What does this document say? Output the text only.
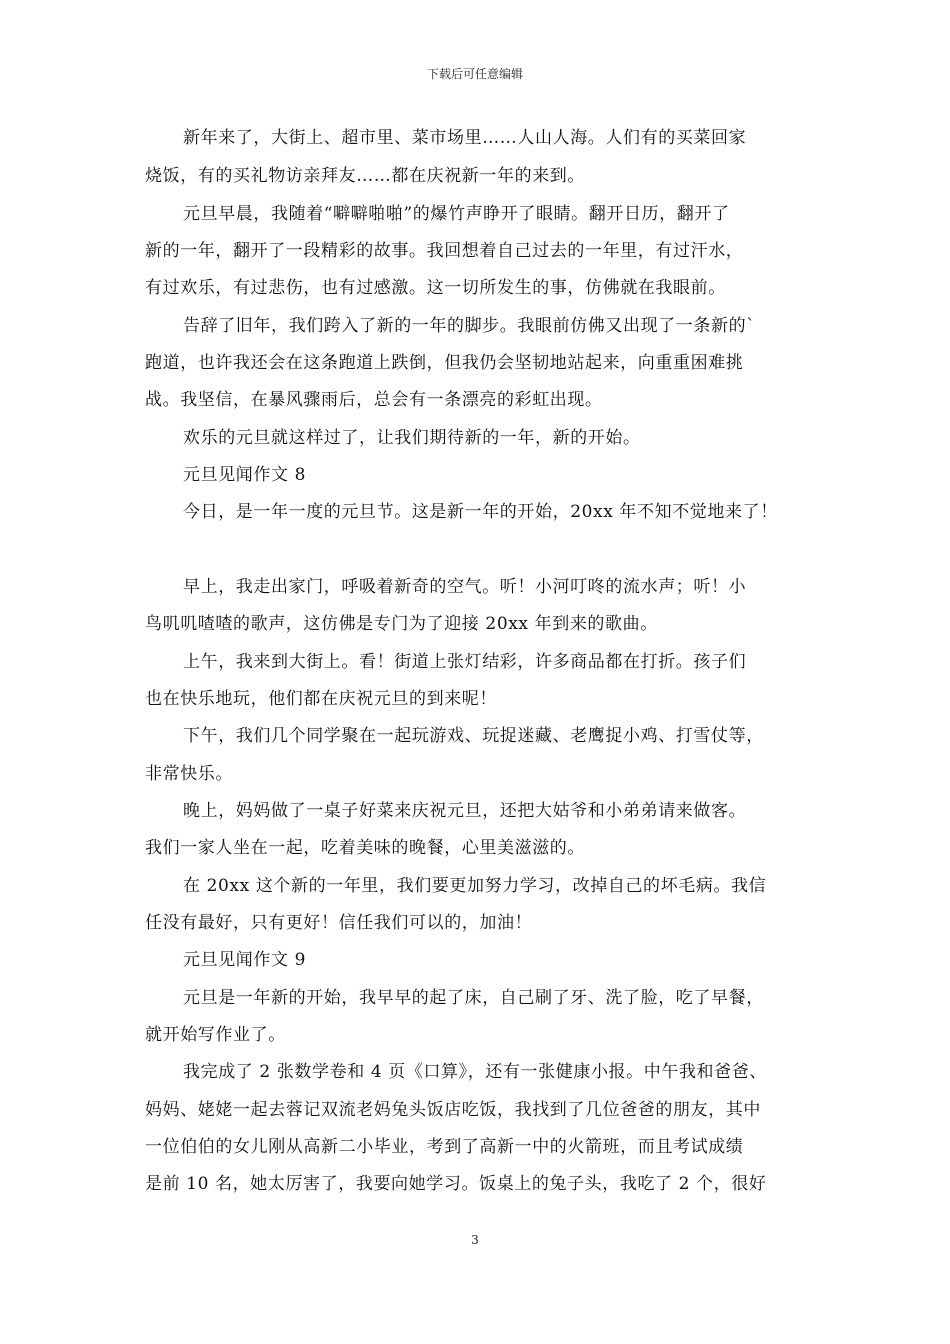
下载后可任意编辑
新年来了，大街上、超市里、菜市场里……人山人海。人们有的买菜回家
烧饭，有的买礼物访亲拜友……都在庆祝新一年的来到。
元旦早晨，我随着“噼噼啪啪”的爆竹声睁开了眼睛。翻开日历，翻开了
新的一年，翻开了一段精彩的故事。我回想着自己过去的一年里，有过汗水，
有过欢乐，有过悲伤，也有过感激。这一切所发生的事，仿佛就在我眼前。
告辞了旧年，我们跨入了新的一年的脚步。我眼前仿佛又出现了一条新的`
跑道，也许我还会在这条跑道上跌倒，但我仍会坚韧地站起来，向重重困难挑
战。我坚信，在暴风骤雨后，总会有一条漂亮的彩虹出现。
欢乐的元旦就这样过了，让我们期待新的一年，新的开始。
元旦见闻作文 8
今日，是一年一度的元旦节。这是新一年的开始，20xx 年不知不觉地来了！
早上，我走出家门，呼吸着新奇的空气。听！小河叮咚的流水声；听！小
鸟叽叽喳喳的歌声，这仿佛是专门为了迎接 20xx 年到来的歌曲。
上午，我来到大街上。看！街道上张灯结彩，许多商品都在打折。孩子们
也在快乐地玩，他们都在庆祝元旦的到来呢！
下午，我们几个同学聚在一起玩游戏、玩捉迷藏、老鹰捉小鸡、打雪仗等，
非常快乐。
晚上，妈妈做了一桌子好菜来庆祝元旦，还把大姑爷和小弟弟请来做客。
我们一家人坐在一起，吃着美味的晚餐，心里美滋滋的。
在 20xx 这个新的一年里，我们要更加努力学习，改掉自己的坏毛病。我信
任没有最好，只有更好！信任我们可以的，加油！
元旦见闻作文 9
元旦是一年新的开始，我早早的起了床，自己刷了牙、洗了脸，吃了早餐，
就开始写作业了。
我完成了 2 张数学卷和 4 页《口算》，还有一张健康小报。中午我和爸爸、
妈妈、姥姥一起去蓉记双流老妈兔头饭店吃饭，我找到了几位爸爸的朋友，其中
一位伯伯的女儿刚从高新二小毕业，考到了高新一中的火箭班，而且考试成绩
是前 10 名，她太厉害了，我要向她学习。饭桌上的兔子头，我吃了 2 个，很好
3
